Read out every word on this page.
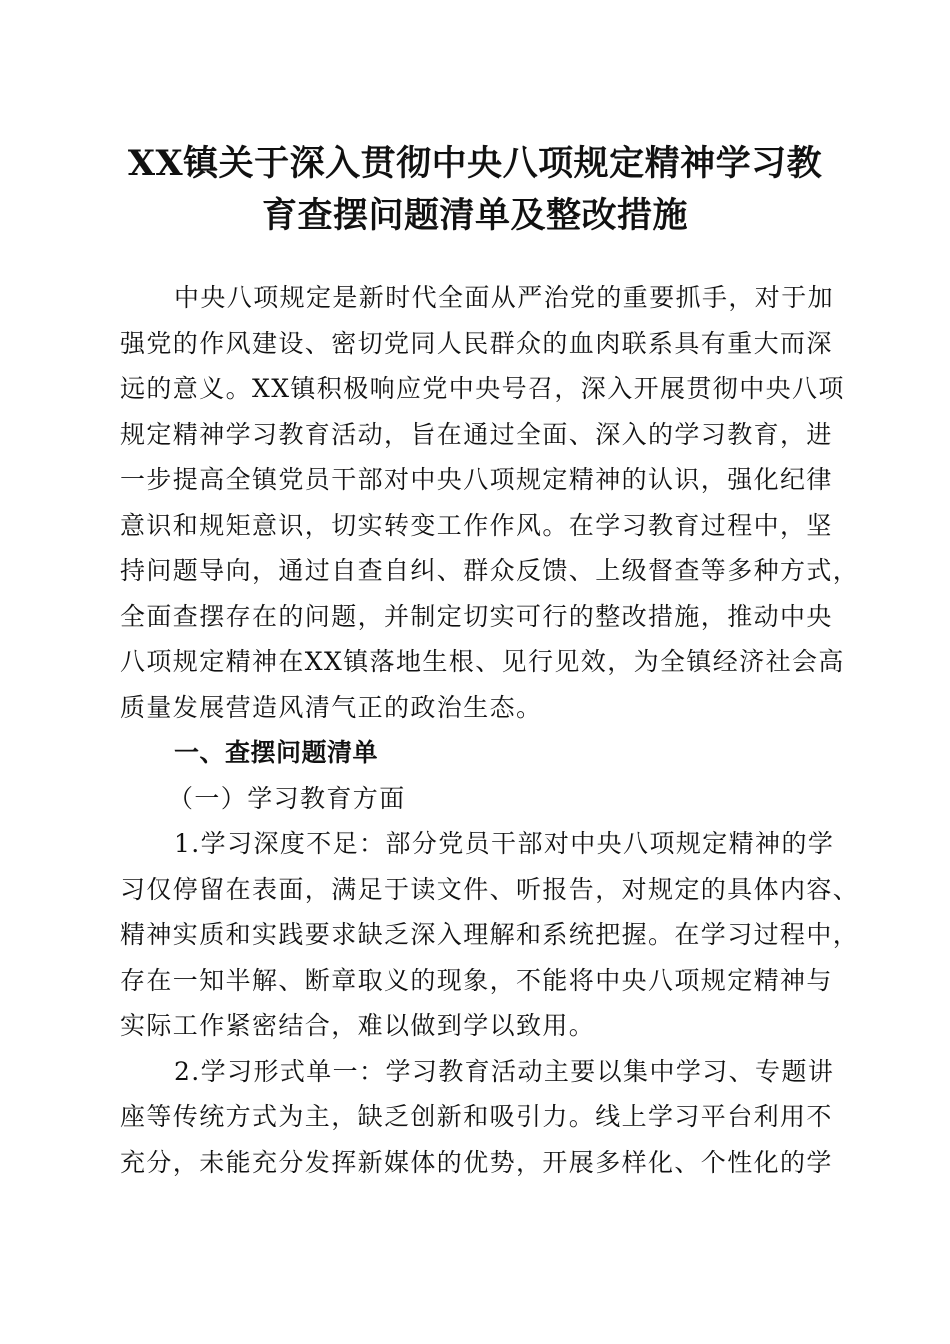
XX镇关于深入贯彻中央八项规定精神学习教
育查摆问题清单及整改措施
中央八项规定是新时代全面从严治党的重要抓手，对于加
强党的作风建设、密切党同人民群众的血肉联系具有重大而深
远的意义。XX镇积极响应党中央号召，深入开展贯彻中央八项
规定精神学习教育活动，旨在通过全面、深入的学习教育，进
一步提高全镇党员干部对中央八项规定精神的认识，强化纪律
意识和规矩意识，切实转变工作作风。在学习教育过程中，坚
持问题导向，通过自查自纠、群众反馈、上级督查等多种方式，
全面查摆存在的问题，并制定切实可行的整改措施，推动中央
八项规定精神在XX镇落地生根、见行见效，为全镇经济社会高
质量发展营造风清气正的政治生态。
一、查摆问题清单
（一）学习教育方面
1.学习深度不足：部分党员干部对中央八项规定精神的学
习仅停留在表面，满足于读文件、听报告，对规定的具体内容、
精神实质和实践要求缺乏深入理解和系统把握。在学习过程中，
存在一知半解、断章取义的现象，不能将中央八项规定精神与
实际工作紧密结合，难以做到学以致用。
2.学习形式单一：学习教育活动主要以集中学习、专题讲
座等传统方式为主，缺乏创新和吸引力。线上学习平台利用不
充分，未能充分发挥新媒体的优势，开展多样化、个性化的学
